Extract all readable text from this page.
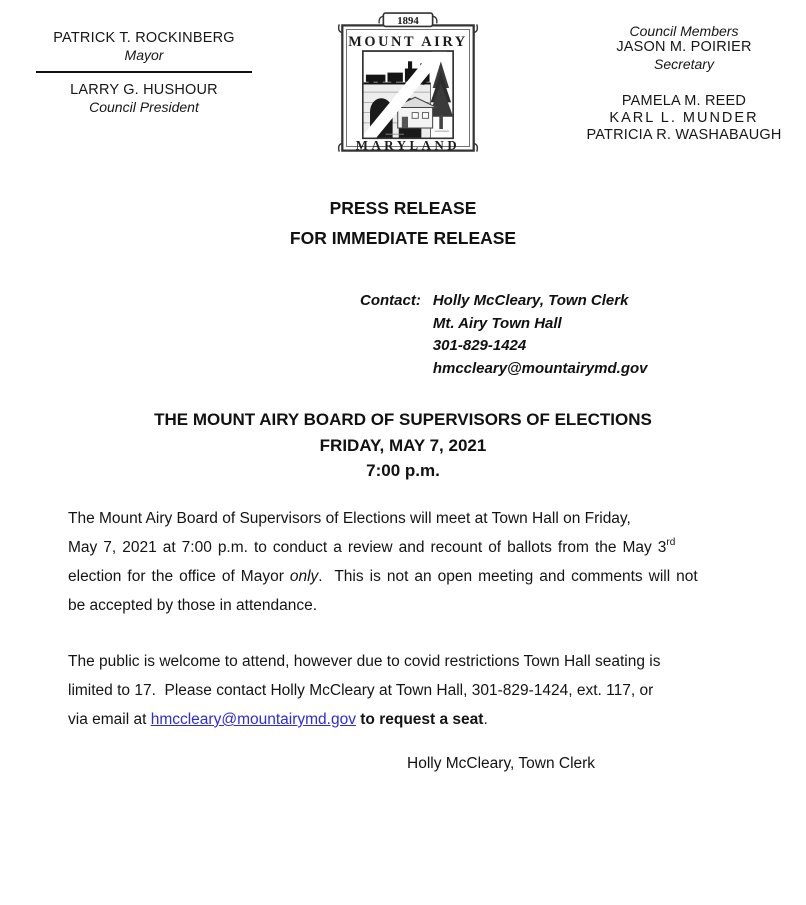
PATRICK T. ROCKINBERG
Mayor
LARRY G. HUSHOUR
Council President
1894
MOUNT AIRY
MARYLAND
Council Members
JASON M. POIRIER
Secretary
PAMELA M. REED
KARL L. MUNDER
PATRICIA R. WASHABAUGH
PRESS RELEASE
FOR IMMEDIATE RELEASE
Contact: Holly McCleary, Town Clerk
Mt. Airy Town Hall
301-829-1424
hmccleary@mountairymd.gov
THE MOUNT AIRY BOARD OF SUPERVISORS OF ELECTIONS
FRIDAY, MAY 7, 2021
7:00 p.m.

The Mount Airy Board of Supervisors of Elections will meet at Town Hall on Friday,
May 7, 2021 at 7:00 p.m. to conduct a review and recount of ballots from the May 3rd
election for the office of Mayor only.  This is not an open meeting and comments will not
be accepted by those in attendance.

The public is welcome to attend, however due to covid restrictions Town Hall seating is
limited to 17.  Please contact Holly McCleary at Town Hall, 301-829-1424, ext. 117, or
via email at hmccleary@mountairymd.gov to request a seat.

Holly McCleary, Town Clerk
